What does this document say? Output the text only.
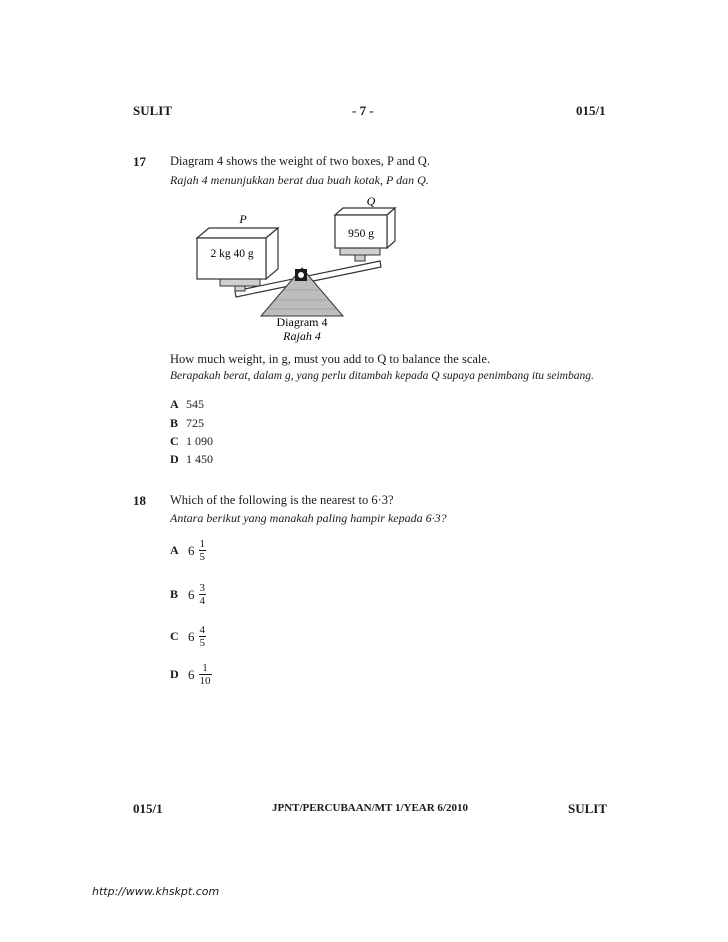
SULIT	- 7 -	015/1
17 Diagram 4 shows the weight of two boxes, P and Q.
Rajah 4 menunjukkan berat dua buah kotak, P dan Q.
P
2 kg 40 g
Q
950 g
Diagram 4
Rajah 4
How much weight, in g, must you add to Q to balance the scale.
Berapakah berat, dalam g, yang perlu ditambah kepada Q supaya penimbang itu seimbang.
A 545
B 725
C 1 090
D 1 450
18 Which of the following is the nearest to 6·3?
Antara berikut yang manakah paling hampir kepada 6·3?
A $6 \frac{1}{5}$
B $6 \frac{3}{4}$
C $6 \frac{4}{5}$
D $6 \frac{1}{10}$
015/1	JPNT/PERCUBAAN/MT 1/YEAR 6/2010	SULIT
http://www.khskpt.com
